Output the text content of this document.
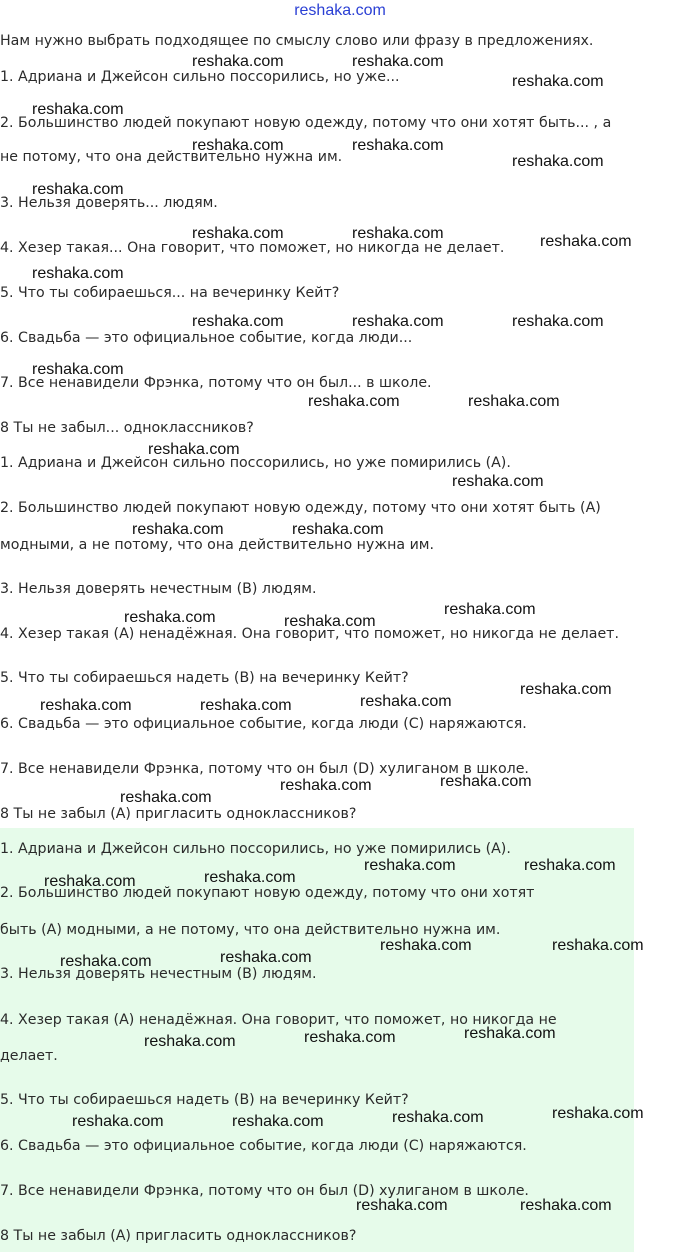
reshaka.com
Нам нужно выбрать подходящее по смыслу слово или фразу в предложениях.
1. Адриана и Джейсон сильно поссорились, но уже...
2. Большинство людей покупают новую одежду, потому что они хотят быть... , а
не потому, что она действительно нужна им.
3. Нельзя доверять... людям.
4. Хезер такая... Она говорит, что поможет, но никогда не делает.
5. Что ты собираешься... на вечеринку Кейт?
6. Свадьба — это официальное событие, когда люди...
7. Все ненавидели Фрэнка, потому что он был... в школе.
8 Ты не забыл... одноклассников?
1. Адриана и Джейсон сильно поссорились, но уже помирились (A).
2. Большинство людей покупают новую одежду, потому что они хотят быть (A)
модными, а не потому, что она действительно нужна им.
3. Нельзя доверять нечестным (B) людям.
4. Хезер такая (A) ненадёжная. Она говорит, что поможет, но никогда не делает.
5. Что ты собираешься надеть (B) на вечеринку Кейт?
6. Свадьба — это официальное событие, когда люди (C) наряжаются.
7. Все ненавидели Фрэнка, потому что он был (D) хулиганом в школе.
8 Ты не забыл (A) пригласить одноклассников?
1. Адриана и Джейсон сильно поссорились, но уже помирились (A).
2. Большинство людей покупают новую одежду, потому что они хотят
быть (A) модными, а не потому, что она действительно нужна им.
3. Нельзя доверять нечестным (B) людям.
4. Хезер такая (A) ненадёжная. Она говорит, что поможет, но никогда не
делает.
5. Что ты собираешься надеть (B) на вечеринку Кейт?
6. Свадьба — это официальное событие, когда люди (C) наряжаются.
7. Все ненавидели Фрэнка, потому что он был (D) хулиганом в школе.
8 Ты не забыл (A) пригласить одноклассников?
reshaka.com	reshaka.com
reshaka.com
reshaka.com
reshaka.com	reshaka.com
reshaka.com
reshaka.com
reshaka.com	reshaka.com	reshaka.com
reshaka.com
reshaka.com	reshaka.com	reshaka.com
reshaka.com
reshaka.com	reshaka.com
reshaka.com
reshaka.com
reshaka.com	reshaka.com
reshaka.com
reshaka.com	reshaka.com
reshaka.com
reshaka.com
reshaka.com	reshaka.com
reshaka.com
reshaka.com
reshaka.com
reshaka.com	reshaka.com
reshaka.com
reshaka.com
reshaka.com	reshaka.com
reshaka.com
reshaka.com
reshaka.com
reshaka.com
reshaka.com
reshaka.com
reshaka.com
reshaka.com	reshaka.com
reshaka.com	reshaka.com
